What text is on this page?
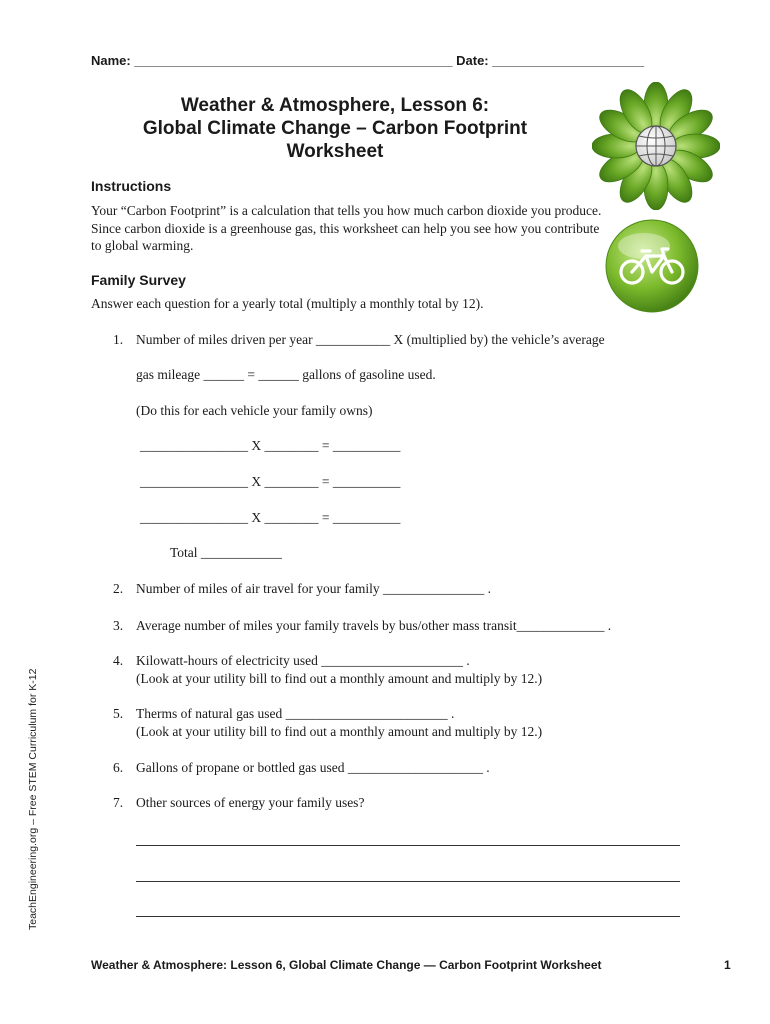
Name: ____________________________________________ Date: _____________________
Weather & Atmosphere, Lesson 6:
Global Climate Change – Carbon Footprint
Worksheet
Instructions
Your “Carbon Footprint” is a calculation that tells you how much carbon dioxide you produce. Since carbon dioxide is a greenhouse gas, this worksheet can help you see how you contribute to global warming.
Family Survey
Answer each question for a yearly total (multiply a monthly total by 12).
1. Number of miles driven per year ___________ X (multiplied by) the vehicle’s average
gas mileage ______ = ______ gallons of gasoline used.
(Do this for each vehicle your family owns)
________________ X ________ = __________
________________ X ________ = __________
________________ X ________ = __________
Total ____________
2. Number of miles of air travel for your family _______________ .
3. Average number of miles your family travels by bus/other mass transit_____________ .
4. Kilowatt-hours of electricity used _____________________ .
(Look at your utility bill to find out a monthly amount and multiply by 12.)
5. Therms of natural gas used ________________________ .
(Look at your utility bill to find out a monthly amount and multiply by 12.)
6. Gallons of propane or bottled gas used ____________________ .
7. Other sources of energy your family uses?
TeachEngineering.org – Free STEM Curriculum for K-12
Weather & Atmosphere: Lesson 6, Global Climate Change — Carbon Footprint Worksheet	1
